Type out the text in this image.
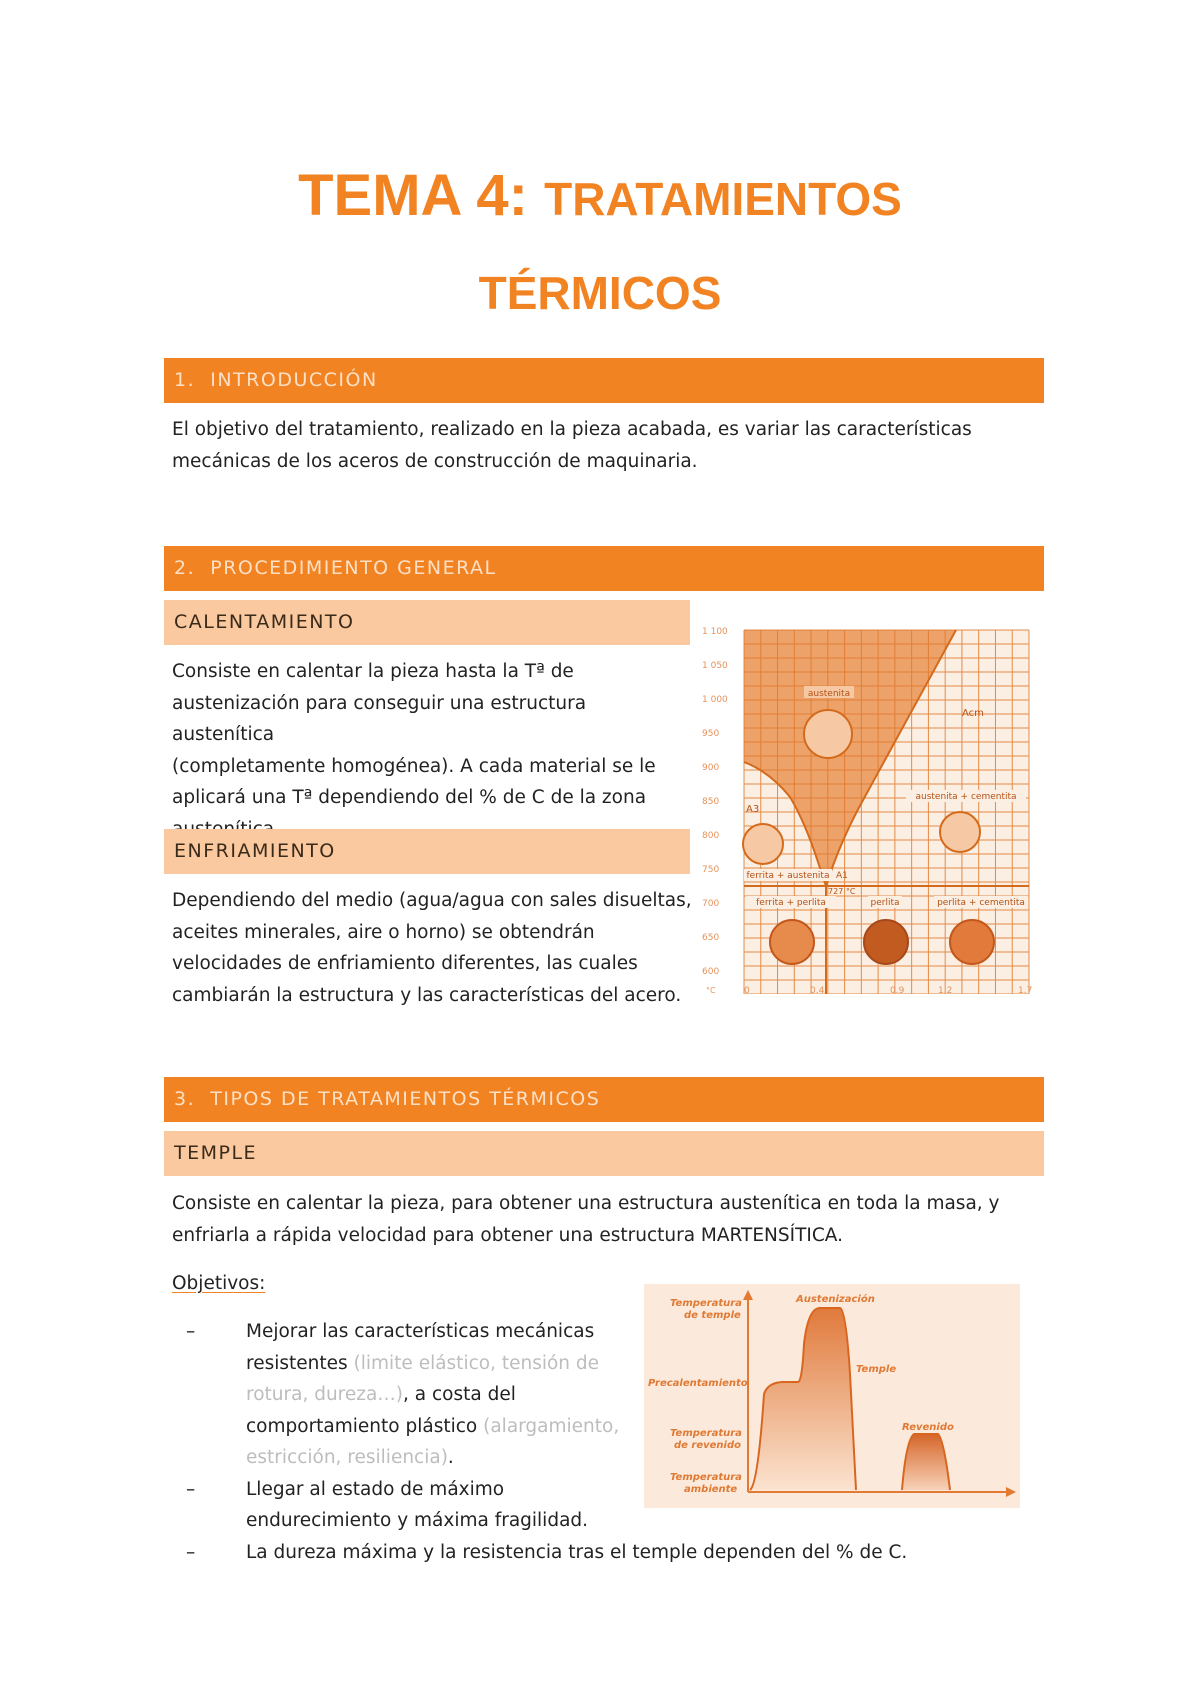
TEMA 4: TRATAMIENTOS
TÉRMICOS
1. INTRODUCCIÓN
El objetivo del tratamiento, realizado en la pieza acabada, es variar las características
mecánicas de los aceros de construcción de maquinaria.
2. PROCEDIMIENTO GENERAL
CALENTAMIENTO
Consiste en calentar la pieza hasta la Tª de
austenización para conseguir una estructura austenítica
(completamente homogénea). A cada material se le
aplicará una Tª dependiendo del % de C de la zona
ENFRIAMIENTO
Dependiendo del medio (agua/agua con sales disueltas,
aceites minerales, aire o horno) se obtendrán
velocidades de enfriamiento diferentes, las cuales
cambiarán la estructura y las características del acero.
austenita
Acm
A3
austenita + cementita
ferrita + austenita A1
727 °C
ferrita + perlita	perlita	perlita + cementita
1 100
1 050
1 000
950
900
850
800
750
700
650
600
0	0.4	0.9	1.2	1.7
°C
3. TIPOS DE TRATAMIENTOS TÉRMICOS
TEMPLE
Consiste en calentar la pieza, para obtener una estructura austenítica en toda la masa, y
enfriarla a rápida velocidad para obtener una estructura MARTENSÍTICA.
Objetivos:
–	Mejorar las características mecánicas
resistentes (limite elástico, tensión de
rotura, dureza…), a costa del
comportamiento plástico (alargamiento,
estricción, resiliencia).
–	Llegar al estado de máximo
endurecimiento y máxima fragilidad.
–	La dureza máxima y la resistencia tras el temple dependen del % de C.
Temperatura
de temple
Precalentamiento
Temperatura
de revenido
Temperatura
ambiente
Austenización
Temple
Revenido
